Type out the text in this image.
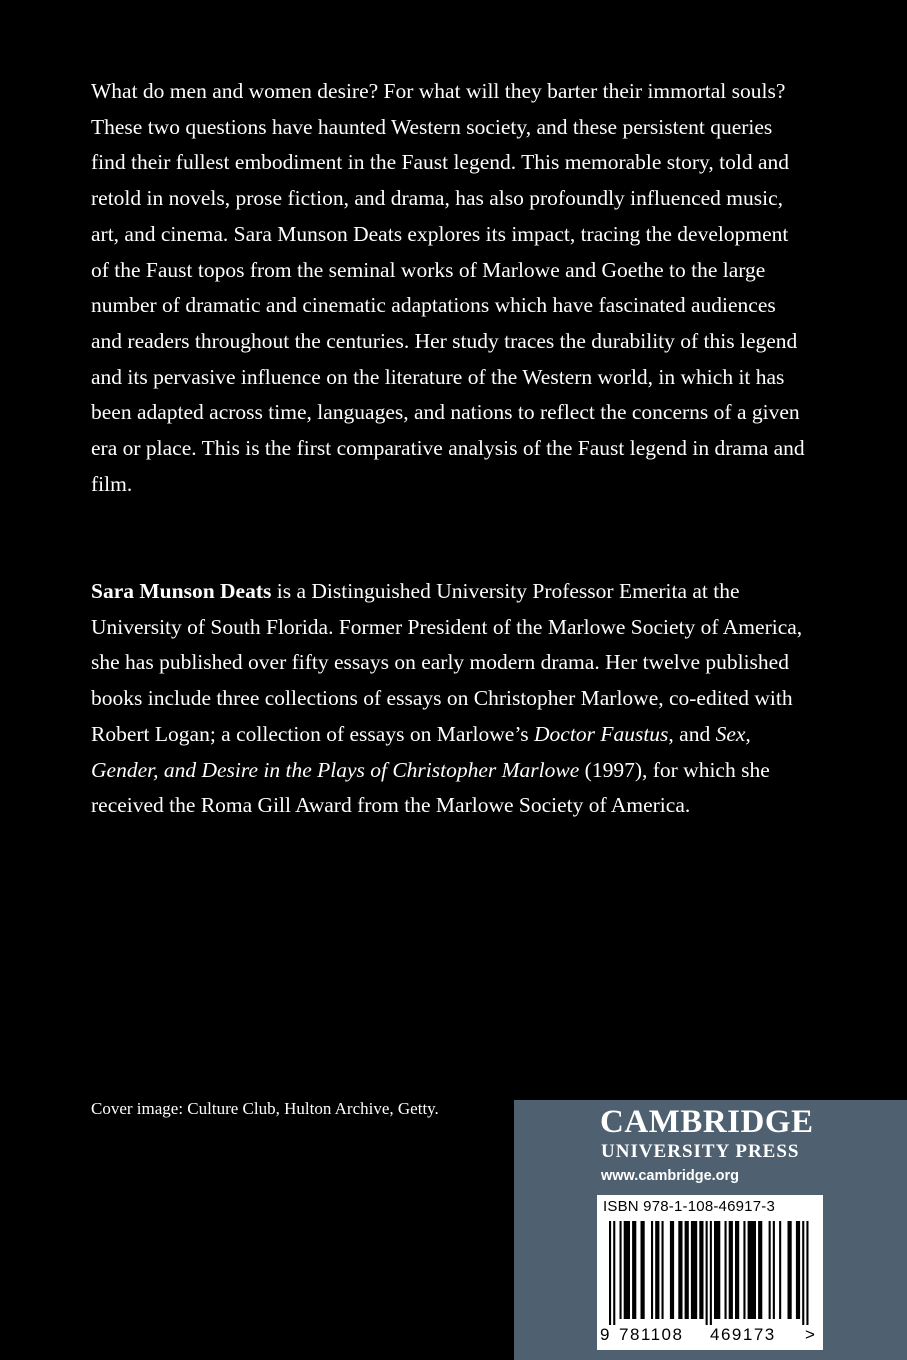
What do men and women desire? For what will they barter their immortal souls? These two questions have haunted Western society, and these persistent queries find their fullest embodiment in the Faust legend. This memorable story, told and retold in novels, prose fiction, and drama, has also profoundly influenced music, art, and cinema. Sara Munson Deats explores its impact, tracing the development of the Faust topos from the seminal works of Marlowe and Goethe to the large number of dramatic and cinematic adaptations which have fascinated audiences and readers throughout the centuries. Her study traces the durability of this legend and its pervasive influence on the literature of the Western world, in which it has been adapted across time, languages, and nations to reflect the concerns of a given era or place. This is the first comparative analysis of the Faust legend in drama and film.

Sara Munson Deats is a Distinguished University Professor Emerita at the University of South Florida. Former President of the Marlowe Society of America, she has published over fifty essays on early modern drama. Her twelve published books include three collections of essays on Christopher Marlowe, co-edited with Robert Logan; a collection of essays on Marlowe’s Doctor Faustus, and Sex, Gender, and Desire in the Plays of Christopher Marlowe (1997), for which she received the Roma Gill Award from the Marlowe Society of America.

Cover image: Culture Club, Hulton Archive, Getty.	CAMBRIDGE
UNIVERSITY PRESS
www.cambridge.org
ISBN 978-1-108-46917-3
9 781108 469173 >
